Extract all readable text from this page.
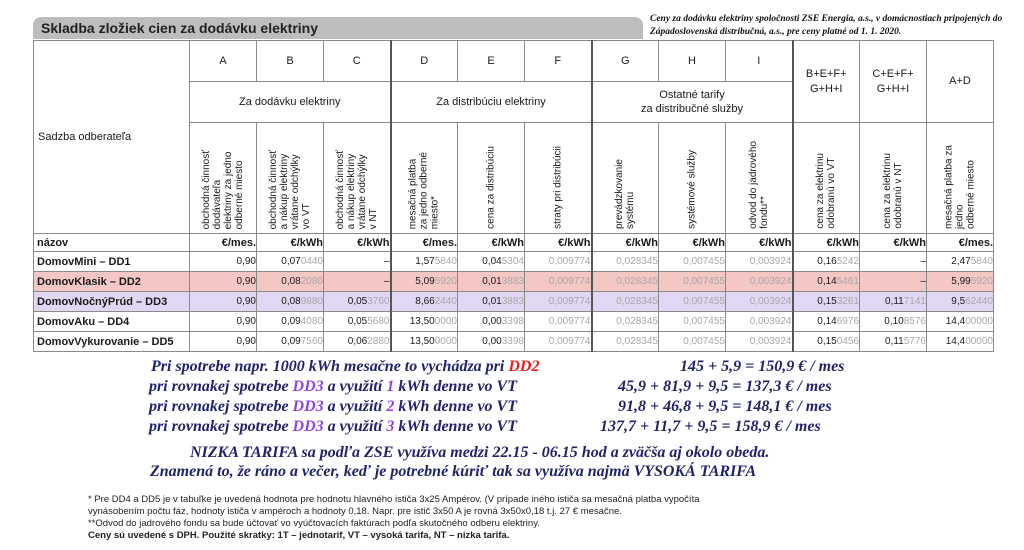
Skladba zložiek cien za dodávku elektriny
Ceny za dodávku elektriny spoločnosti ZSE Energia, a.s., v domácnostiach pripojených do Západoslovenská distribučná, a.s., pre ceny platné od 1. 1. 2020.
Sadzba odberateľa	A	B	C	D	E	F	G	H	I	B+E+F+
G+H+I	C+E+F+
G+H+I	A+D
	Za dodávku elektriny			Za distribúciu elektriny			Ostatné tarify
za distribučné služby					

	obchodná činnosť
dodávateľa
elektriny za jedno
odberné miesto	obchodná činnosť
a nákup elektriny
vrátane odchýlky
vo VT	obchodná činnosť
a nákup elektriny
vrátane odchýlky
v NT	mesačná platba
za jedno odberné
miesto*	cena za distribúciu	straty pri distribúcii	prevádzkovanie
systému	systémové služby	odvod do jadrového
fondu**	cena za elektrinu
odobranú vo VT	cena za elektrinu
odobranú v NT	mesačná platba za jedno
odberné miesto

názov	€/mes.	€/kWh	€/kWh	€/mes.	€/kWh	€/kWh	€/kWh	€/kWh	€/kWh	€/kWh	€/kWh	€/mes.
DomovMini – DD1	0,90	0,070440	–	1,575840	0,045304	0,009774	0,028345	0,007455	0,003924	0,165242	–	2,475840
DomovKlasik – DD2	0,90	0,082080	–	5,095920	0,013883	0,009774	0,028345	0,007455	0,003924	0,145461	–	5,995920
DomovNočnýPrúd – DD3	0,90	0,089880	0,053760	8,662440	0,013883	0,009774	0,028345	0,007455	0,003924	0,153261	0,117141	9,562440
DomovAku – DD4	0,90	0,094080	0,055680	13,500000	0,003398	0,009774	0,028345	0,007455	0,003924	0,146976	0,108576	14,400000
DomovVykurovanie – DD5	0,90	0,097560	0,062880	13,500000	0,003398	0,009774	0,028345	0,007455	0,003924	0,150456	0,115776	14,400000
Pri spotrebe napr. 1000 kWh mesačne to vychádza pri DD2	145 + 5,9 = 150,9 € / mes
pri rovnakej spotrebe DD3 a využití 1 kWh denne vo VT	45,9 + 81,9 + 9,5 = 137,3 € / mes
pri rovnakej spotrebe DD3 a využití 2 kWh denne vo VT	91,8 + 46,8 + 9,5 = 148,1 € / mes
pri rovnakej spotrebe DD3 a využití 3 kWh denne vo VT	137,7 + 11,7 + 9,5 = 158,9 € / mes
NIZKA TARIFA sa podľa ZSE využíva medzi 22.15 - 06.15 hod a zväčša aj okolo obeda.
Znamená to, že ráno a večer, keď je potrebné kúriť tak sa využíva najmä VYSOKÁ TARIFA
* Pre DD4 a DD5 je v tabuľke je uvedená hodnota pre hodnotu hlavného ističa 3x25 Ampérov. (V prípade iného ističa sa mesačná platba vypočíta
vynásobením počtu fáz, hodnoty ističa v ampéroch a hodnoty 0,18. Napr. pre istič 3x50 A je rovná 3x50x0,18 t.j. 27 € mesačne.
**Odvod do jadrového fondu sa bude účtovať vo vyúčtovacích faktúrach podľa skutočného odberu elektriny.
Ceny sú uvedené s DPH. Použité skratky: 1T – jednotarif, VT – vysoká tarifa, NT – nízka tarifa.
